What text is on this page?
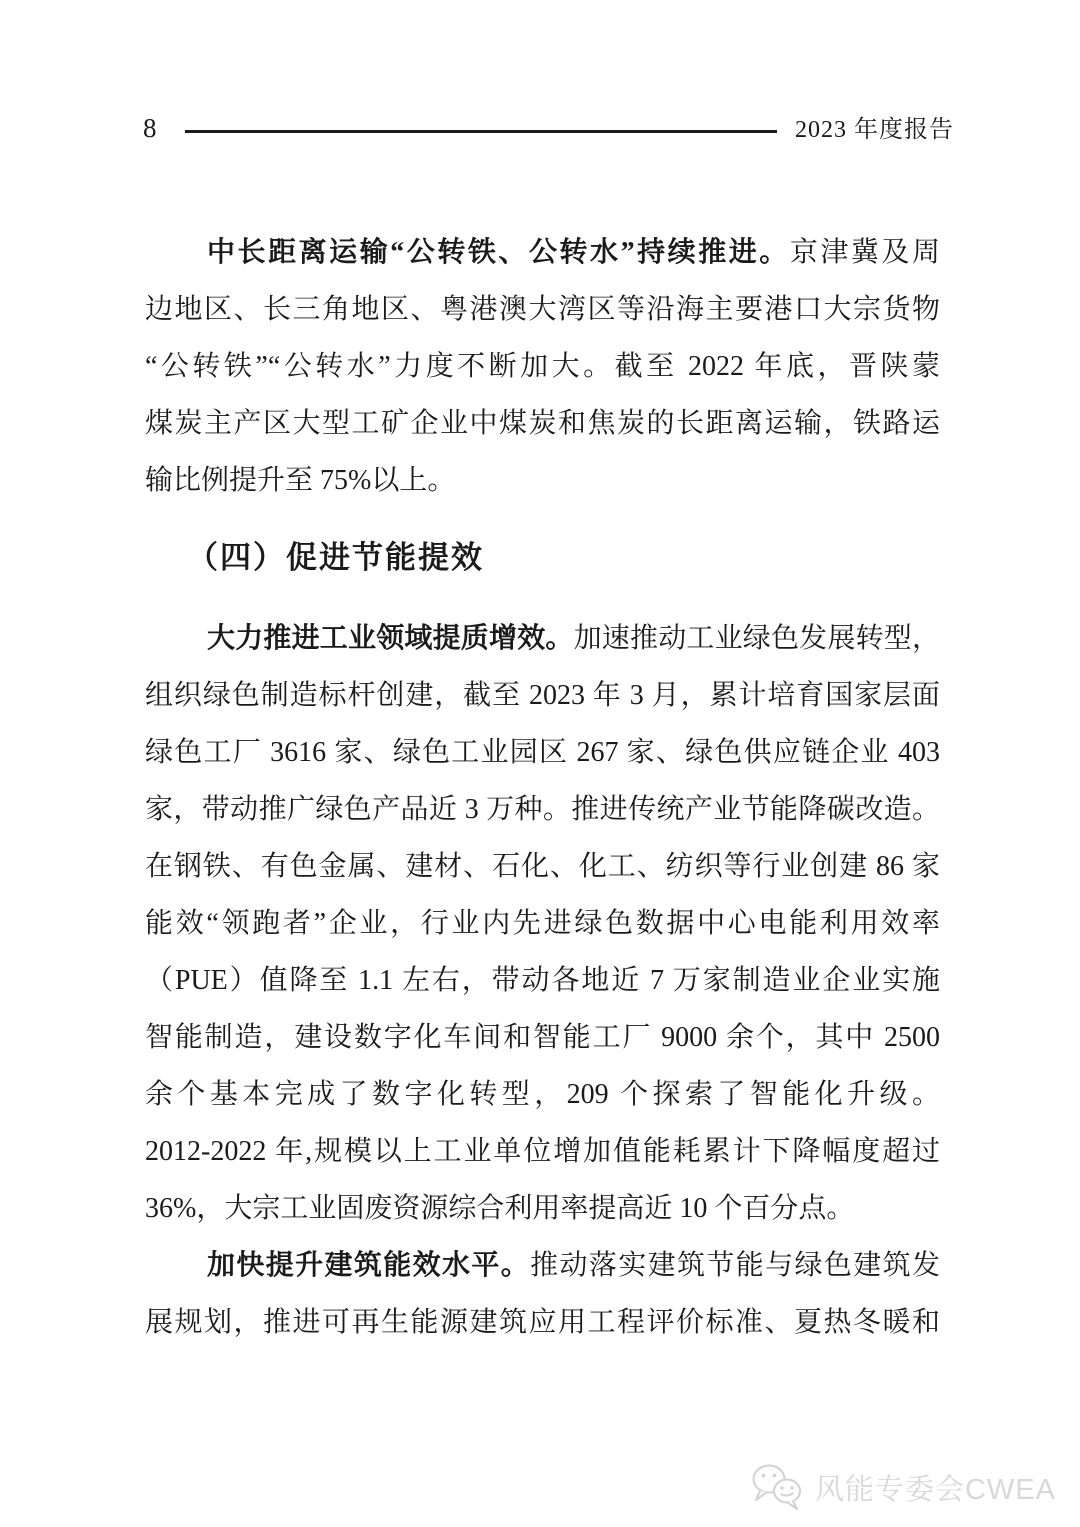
8	2023 年度报告
中长距离运输“公转铁、公转水”持续推进。京津冀及周
边地区、长三角地区、粤港澳大湾区等沿海主要港口大宗货物
“公转铁”“公转水”力度不断加大。截至 2022 年底，晋陕蒙
煤炭主产区大型工矿企业中煤炭和焦炭的长距离运输，铁路运
输比例提升至 75%以上。
（四）促进节能提效
大力推进工业领域提质增效。加速推动工业绿色发展转型，
组织绿色制造标杆创建，截至 2023 年 3 月，累计培育国家层面
绿色工厂 3616 家、绿色工业园区 267 家、绿色供应链企业 403
家，带动推广绿色产品近 3 万种。推进传统产业节能降碳改造。
在钢铁、有色金属、建材、石化、化工、纺织等行业创建 86 家
能效“领跑者”企业，行业内先进绿色数据中心电能利用效率
（PUE）值降至 1.1 左右，带动各地近 7 万家制造业企业实施
智能制造，建设数字化车间和智能工厂 9000 余个，其中 2500
余个基本完成了数字化转型，209 个探索了智能化升级。
2012-2022 年,规模以上工业单位增加值能耗累计下降幅度超过
36%，大宗工业固废资源综合利用率提高近 10 个百分点。
加快提升建筑能效水平。推动落实建筑节能与绿色建筑发
展规划，推进可再生能源建筑应用工程评价标准、夏热冬暖和
风能专委会CWEA
